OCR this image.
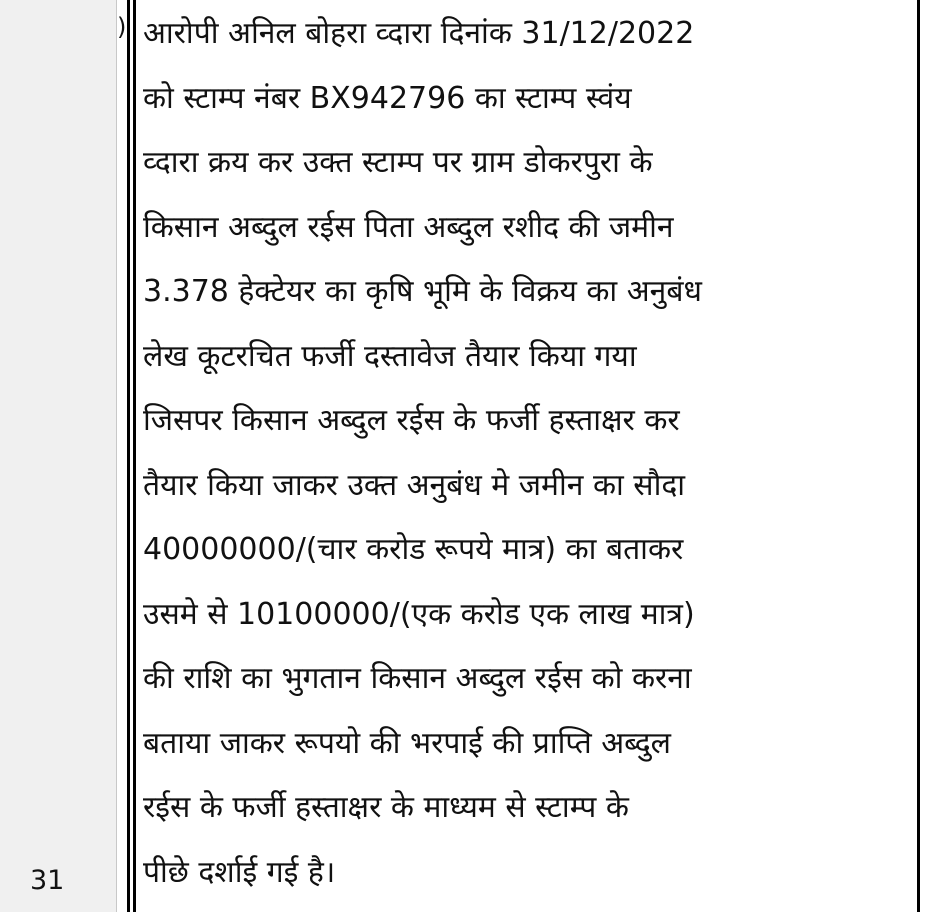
)
31
आरोपी अनिल बोहरा व्दारा दिनांक 31/12/2022
को स्टाम्प नंबर BX942796 का स्टाम्प स्वंय
व्दारा क्रय कर उक्त स्टाम्प पर ग्राम डोकरपुरा के
किसान अब्दुल रईस पिता अब्दुल रशीद की जमीन
3.378 हेक्टेयर का कृषि भूमि के विक्रय का अनुबंध
लेख कूटरचित फर्जी दस्तावेज तैयार किया गया
जिसपर किसान अब्दुल रईस के फर्जी हस्ताक्षर कर
तैयार किया जाकर उक्त अनुबंध मे जमीन का सौदा
40000000/(चार करोड रूपये मात्र) का बताकर
उसमे से 10100000/(एक करोड एक लाख मात्र)
की राशि का भुगतान किसान अब्दुल रईस को करना
बताया जाकर रूपयो की भरपाई की प्राप्ति अब्दुल
रईस के फर्जी हस्ताक्षर के माध्यम से स्टाम्प के
पीछे दर्शाई गई है।
